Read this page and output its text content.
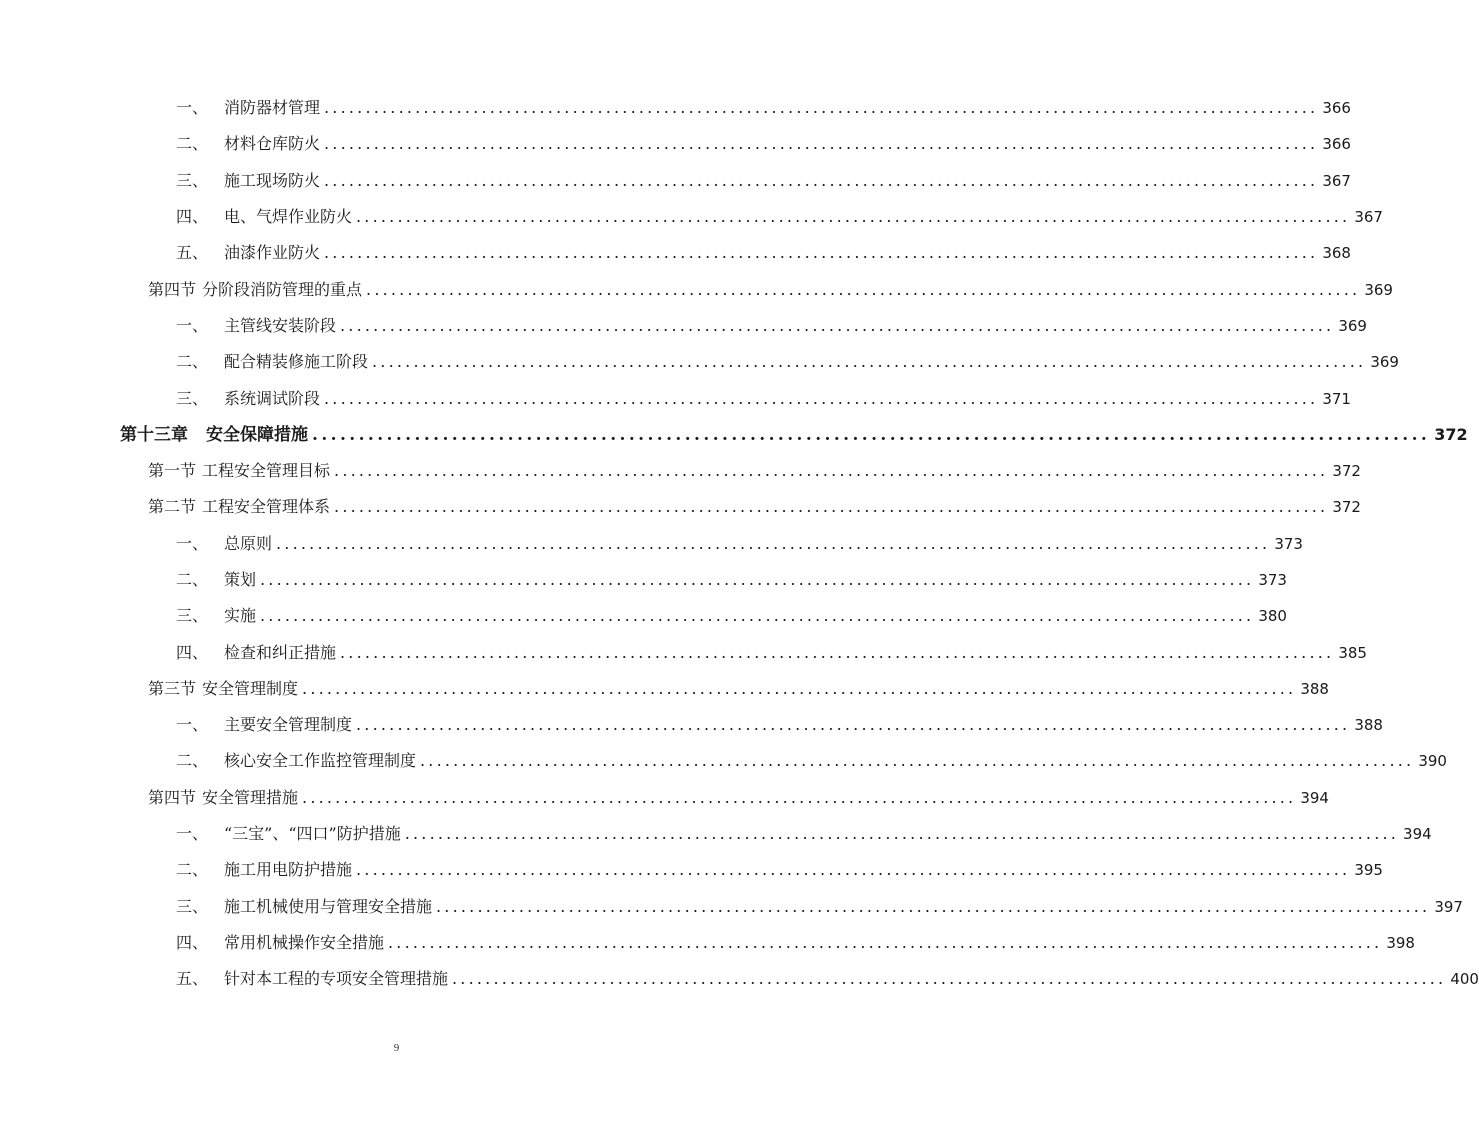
一、 消防器材管理 ........................................................................................................................ 366
二、 材料仓库防火 ........................................................................................................................ 366
三、 施工现场防火 ........................................................................................................................ 367
四、 电、气焊作业防火 ........................................................................................................................ 367
五、 油漆作业防火 ........................................................................................................................ 368
第四节 分阶段消防管理的重点 ........................................................................................................................ 369
一、 主管线安装阶段 ........................................................................................................................ 369
二、 配合精装修施工阶段 ........................................................................................................................ 369
三、 系统调试阶段 ........................................................................................................................ 371
第十三章 安全保障措施 ........................................................................................................................ 372
第一节 工程安全管理目标 ........................................................................................................................ 372
第二节 工程安全管理体系 ........................................................................................................................ 372
一、 总原则 ........................................................................................................................ 373
二、 策划 ........................................................................................................................ 373
三、 实施 ........................................................................................................................ 380
四、 检查和纠正措施 ........................................................................................................................ 385
第三节 安全管理制度 ........................................................................................................................ 388
一、 主要安全管理制度 ........................................................................................................................ 388
二、 核心安全工作监控管理制度 ........................................................................................................................ 390
第四节 安全管理措施 ........................................................................................................................ 394
一、 “三宝”、“四口”防护措施 ........................................................................................................................ 394
二、 施工用电防护措施 ........................................................................................................................ 395
三、 施工机械使用与管理安全措施 ........................................................................................................................ 397
四、 常用机械操作安全措施 ........................................................................................................................ 398
五、 针对本工程的专项安全管理措施 ........................................................................................................................ 400
9
